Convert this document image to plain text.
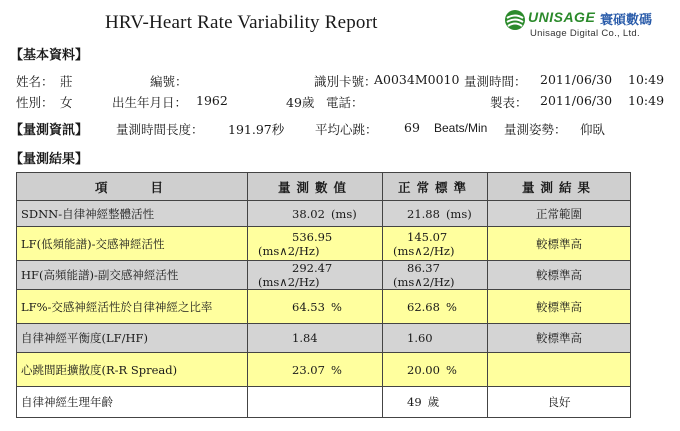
HRV-Heart Rate Variability Report	UNISAGE 寰碩數碼
Unisage Digital Co., Ltd.
【基本資料】
姓名： 莊	編號：	識別卡號：
A0034M0010 量測時間： 2011/06/30 10:49
性別： 女	出生年月日： 1962	49歲 電話：	製表： 2011/06/30 10:49
【量測資訊】 量測時間長度： 191.97秒 平均心跳： 69 Beats/Min 量測姿勢： 仰臥
【量測結果】
項　　目	量測數值	正常標準	量測結果
SDNN-自律神經整體活性	38.02 (ms)	21.88 (ms)	正常範圍
LF(低頻能譜)-交感神經活性	536.95(ms∧2/Hz)	145.07(ms∧2/Hz)	較標準高
HF(高頻能譜)-副交感神經活性	292.47(ms∧2/Hz)	86.37(ms∧2/Hz)	較標準高
LF%-交感神經活性於自律神經之比率	64.53 %	62.68 %	較標準高
自律神經平衡度(LF/HF)	1.84	1.60	較標準高
心跳間距擴散度(R-R Spread)	23.07 %	20.00 %	
自律神經生理年齡		49 歲	良好
